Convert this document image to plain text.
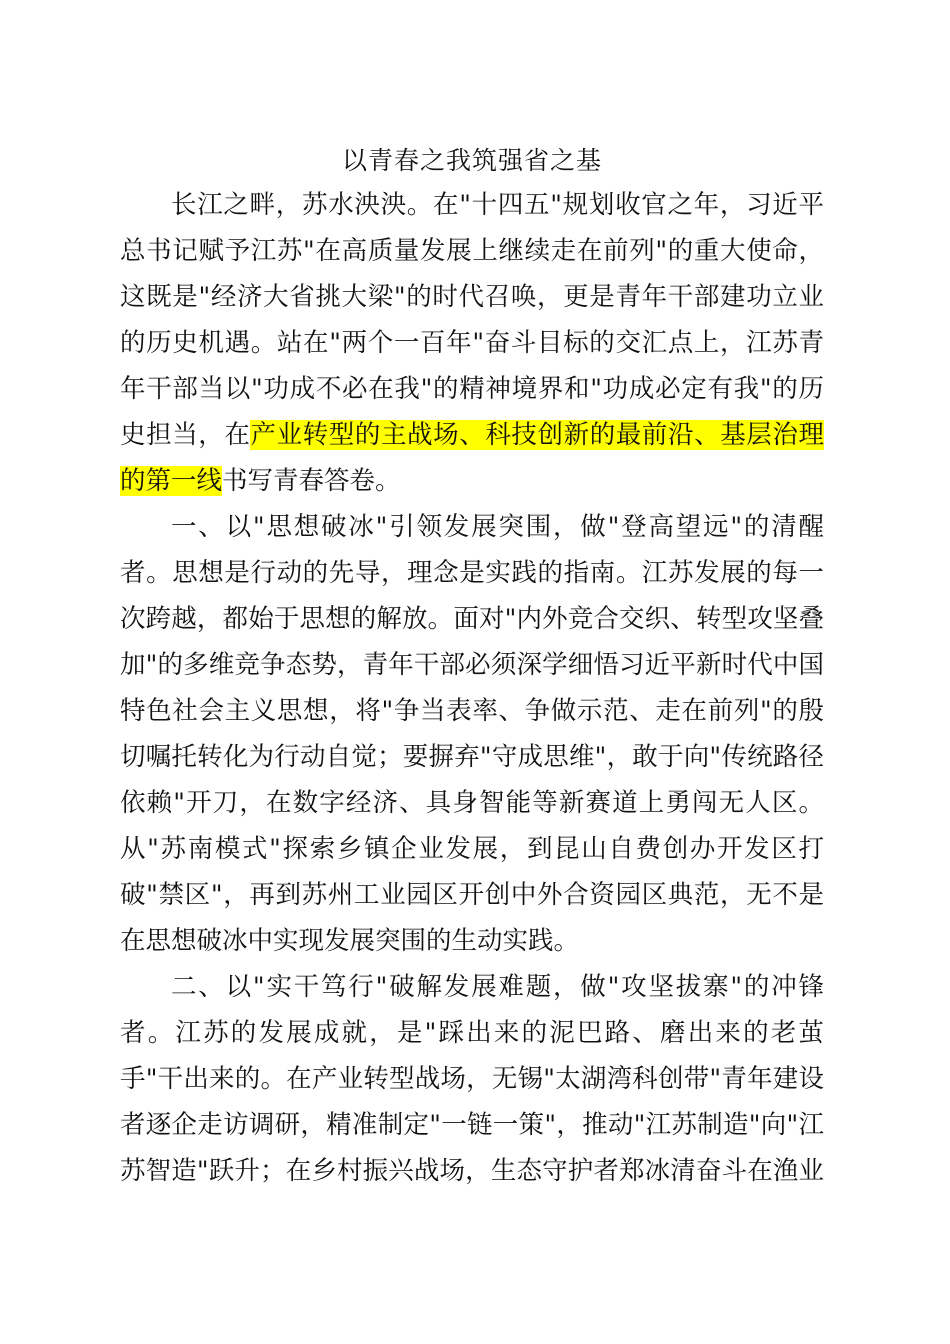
以青春之我筑强省之基
长江之畔，苏水泱泱。在"十四五"规划收官之年，习近平
总书记赋予江苏"在高质量发展上继续走在前列"的重大使命，
这既是"经济大省挑大梁"的时代召唤，更是青年干部建功立业
的历史机遇。站在"两个一百年"奋斗目标的交汇点上，江苏青
年干部当以"功成不必在我"的精神境界和"功成必定有我"的历
史担当，在产业转型的主战场、科技创新的最前沿、基层治理
的第一线书写青春答卷。
一、以"思想破冰"引领发展突围，做"登高望远"的清醒
者。思想是行动的先导，理念是实践的指南。江苏发展的每一
次跨越，都始于思想的解放。面对"内外竞合交织、转型攻坚叠
加"的多维竞争态势，青年干部必须深学细悟习近平新时代中国
特色社会主义思想，将"争当表率、争做示范、走在前列"的殷
切嘱托转化为行动自觉；要摒弃"守成思维"，敢于向"传统路径
依赖"开刀，在数字经济、具身智能等新赛道上勇闯无人区。
从"苏南模式"探索乡镇企业发展，到昆山自费创办开发区打
破"禁区"，再到苏州工业园区开创中外合资园区典范，无不是
在思想破冰中实现发展突围的生动实践。
二、以"实干笃行"破解发展难题，做"攻坚拔寨"的冲锋
者。江苏的发展成就，是"踩出来的泥巴路、磨出来的老茧
手"干出来的。在产业转型战场，无锡"太湖湾科创带"青年建设
者逐企走访调研，精准制定"一链一策"，推动"江苏制造"向"江
苏智造"跃升；在乡村振兴战场，生态守护者郑冰清奋斗在渔业
